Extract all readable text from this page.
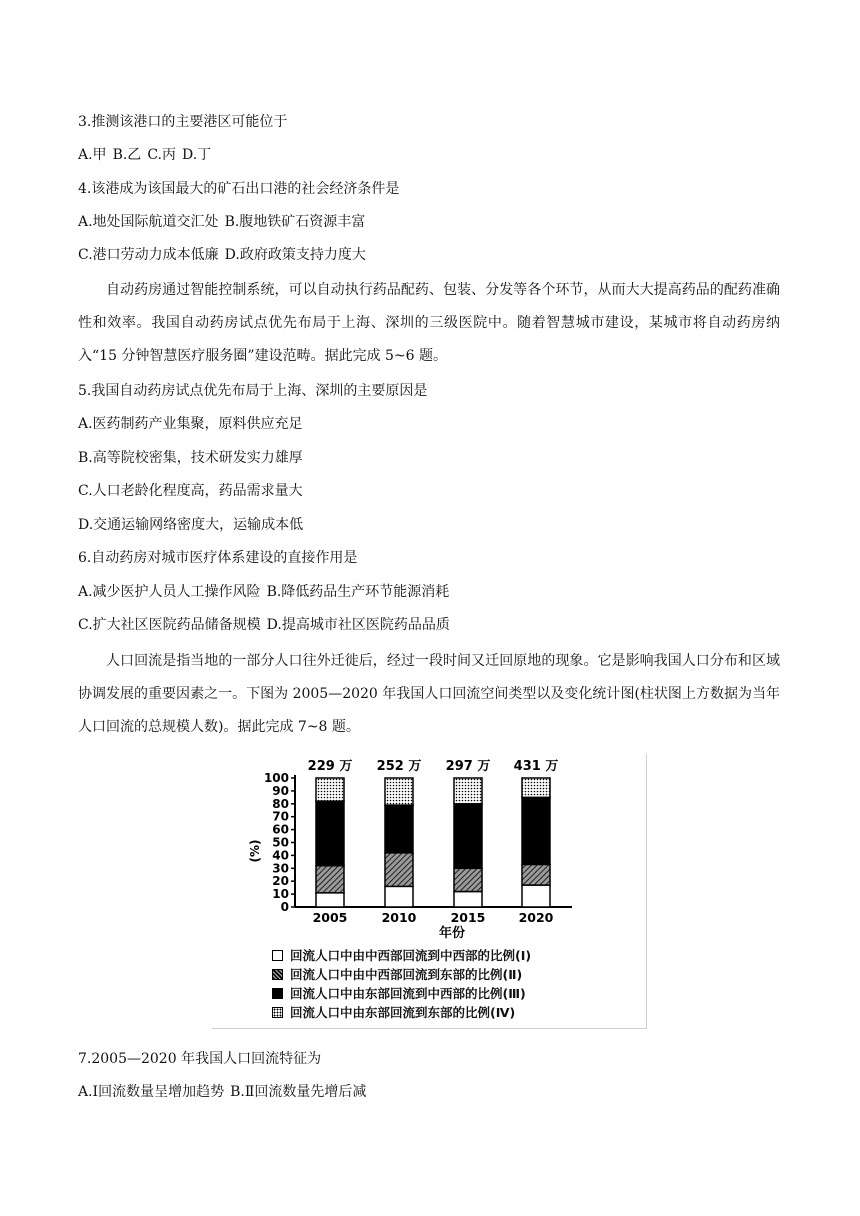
3.推测该港口的主要港区可能位于
A.甲 B.乙 C.丙 D.丁
4.该港成为该国最大的矿石出口港的社会经济条件是
A.地处国际航道交汇处 B.腹地铁矿石资源丰富
C.港口劳动力成本低廉 D.政府政策支持力度大
自动药房通过智能控制系统，可以自动执行药品配药、包装、分发等各个环节，从而大大提高药品的配药准确性和效率。我国自动药房试点优先布局于上海、深圳的三级医院中。随着智慧城市建设，某城市将自动药房纳入“15 分钟智慧医疗服务圈”建设范畴。据此完成 5~6 题。
5.我国自动药房试点优先布局于上海、深圳的主要原因是
A.医药制药产业集聚，原料供应充足
B.高等院校密集，技术研发实力雄厚
C.人口老龄化程度高，药品需求量大
D.交通运输网络密度大，运输成本低
6.自动药房对城市医疗体系建设的直接作用是
A.减少医护人员人工操作风险 B.降低药品生产环节能源消耗
C.扩大社区医院药品储备规模 D.提高城市社区医院药品品质
人口回流是指当地的一部分人口往外迁徙后，经过一段时间又迁回原地的现象。它是影响我国人口分布和区域协调发展的重要因素之一。下图为 2005—2020 年我国人口回流空间类型以及变化统计图(柱状图上方数据为当年人口回流的总规模人数)。据此完成 7~8 题。
0
10
20
30
40
50
60
70
80
90
100
229 万
2005
252 万
2010
297 万
2015
431 万
2020
(%)
年份
回流人口中由中西部回流到中西部的比例(Ⅰ)
回流人口中由中西部回流到东部的比例(Ⅱ)
回流人口中由东部回流到中西部的比例(Ⅲ)
回流人口中由东部回流到东部的比例(Ⅳ)
7.2005—2020 年我国人口回流特征为
A.Ⅰ回流数量呈增加趋势 B.Ⅱ回流数量先增后减
